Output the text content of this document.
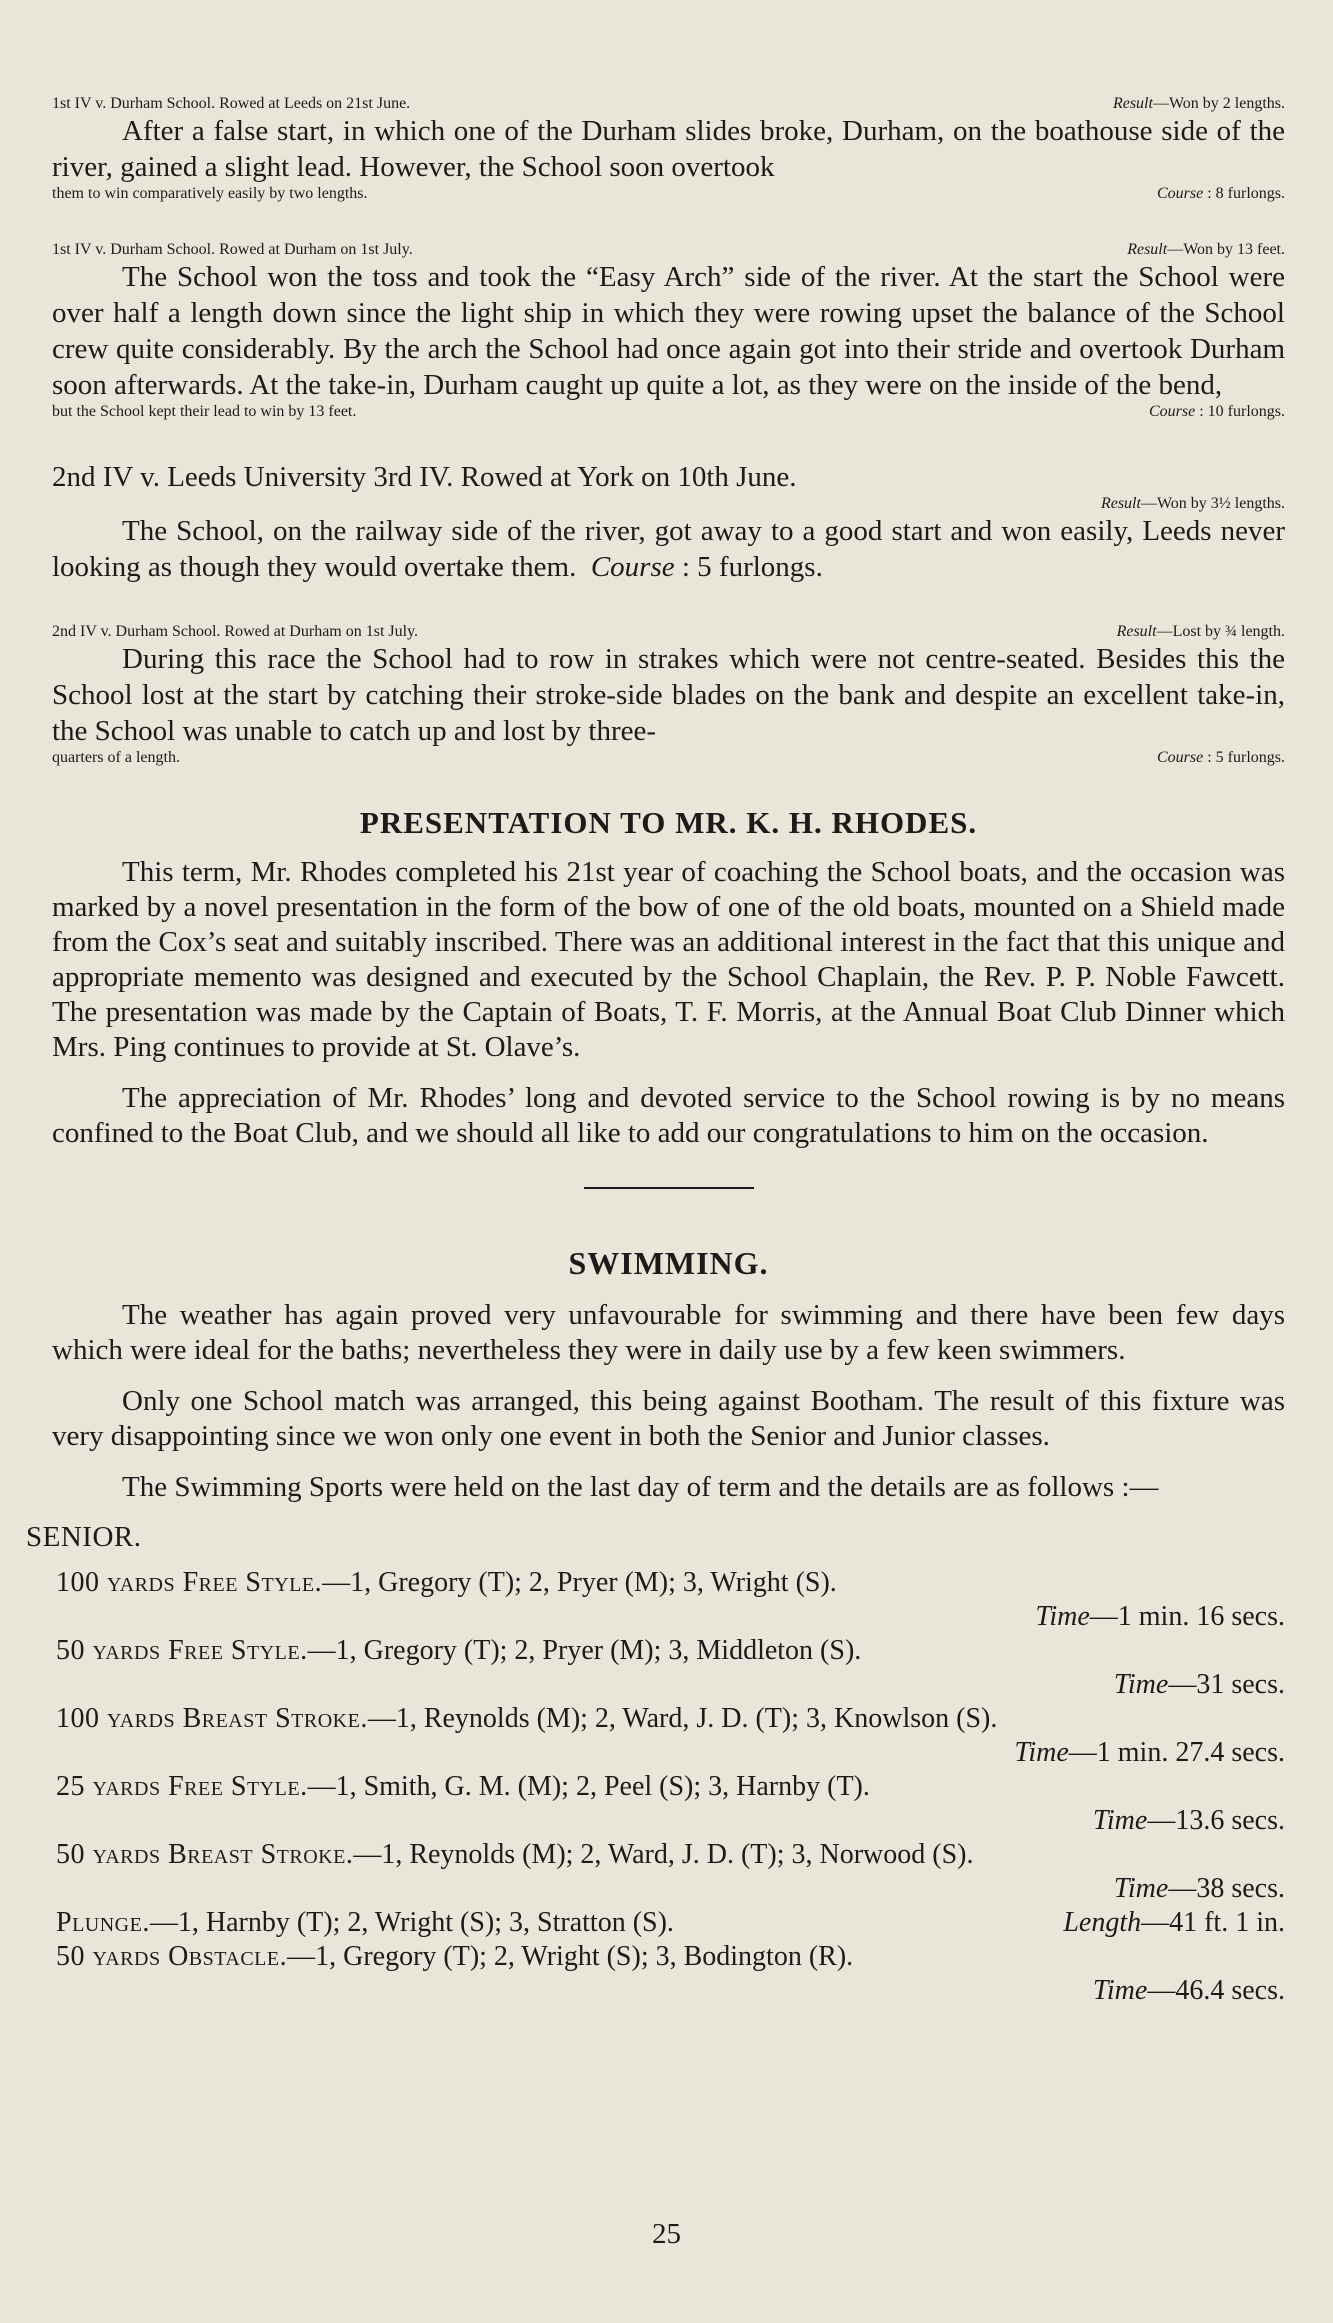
1st IV v. Durham School. Rowed at Leeds on 21st June.	Result—Won by 2 lengths.

After a false start, in which one of the Durham slides broke, Durham, on the boathouse side of the river, gained a slight lead. However, the School soon overtook

them to win comparatively easily by two lengths.	Course : 8 furlongs.
1st IV v. Durham School. Rowed at Durham on 1st July.	Result—Won by 13 feet.

The School won the toss and took the “Easy Arch” side of the river. At the start the School were over half a length down since the light ship in which they were rowing upset the balance of the School crew quite considerably. By the arch the School had once again got into their stride and overtook Durham soon afterwards. At the take-in, Durham caught up quite a lot, as they were on the inside of the bend,

but the School kept their lead to win by 13 feet.	Course : 10 furlongs.

2nd IV v. Leeds University 3rd IV. Rowed at York on 10th June.

Result—Won by 3½ lengths.

The School, on the railway side of the river, got away to a good start and won easily, Leeds never looking as though they would overtake them. Course : 5 furlongs.

2nd IV v. Durham School. Rowed at Durham on 1st July.	Result—Lost by ¾ length.

During this race the School had to row in strakes which were not centre-seated. Besides this the School lost at the start by catching their stroke-side blades on the bank and despite an excellent take-in, the School was unable to catch up and lost by three-

quarters of a length.	Course : 5 furlongs.
PRESENTATION TO MR. K. H. RHODES.

This term, Mr. Rhodes completed his 21st year of coaching the School boats, and the occasion was marked by a novel presentation in the form of the bow of one of the old boats, mounted on a Shield made from the Cox’s seat and suitably inscribed. There was an additional interest in the fact that this unique and appropriate memento was designed and executed by the School Chaplain, the Rev. P. P. Noble Fawcett. The presentation was made by the Captain of Boats, T. F. Morris, at the Annual Boat Club Dinner which Mrs. Ping continues to provide at St. Olave’s.

The appreciation of Mr. Rhodes’ long and devoted service to the School rowing is by no means confined to the Boat Club, and we should all like to add our congratulations to him on the occasion.

SWIMMING.

The weather has again proved very unfavourable for swimming and there have been few days which were ideal for the baths; nevertheless they were in daily use by a few keen swimmers.

Only one School match was arranged, this being against Bootham. The result of this fixture was very disappointing since we won only one event in both the Senior and Junior classes.

The Swimming Sports were held on the last day of term and the details are as follows :—

SENIOR.
100 yards Free Style.—1, Gregory (T); 2, Pryer (M); 3, Wright (S).
Time—1 min. 16 secs.
50 yards Free Style.—1, Gregory (T); 2, Pryer (M); 3, Middleton (S).
Time—31 secs.
100 yards Breast Stroke.—1, Reynolds (M); 2, Ward, J. D. (T); 3, Knowlson (S).
Time—1 min. 27.4 secs.
25 yards Free Style.—1, Smith, G. M. (M); 2, Peel (S); 3, Harnby (T).
Time—13.6 secs.
50 yards Breast Stroke.—1, Reynolds (M); 2, Ward, J. D. (T); 3, Norwood (S).
Time—38 secs.
Plunge.—1, Harnby (T); 2, Wright (S); 3, Stratton (S).	Length—41 ft. 1 in.
50 yards Obstacle.—1, Gregory (T); 2, Wright (S); 3, Bodington (R).
Time—46.4 secs.
25
